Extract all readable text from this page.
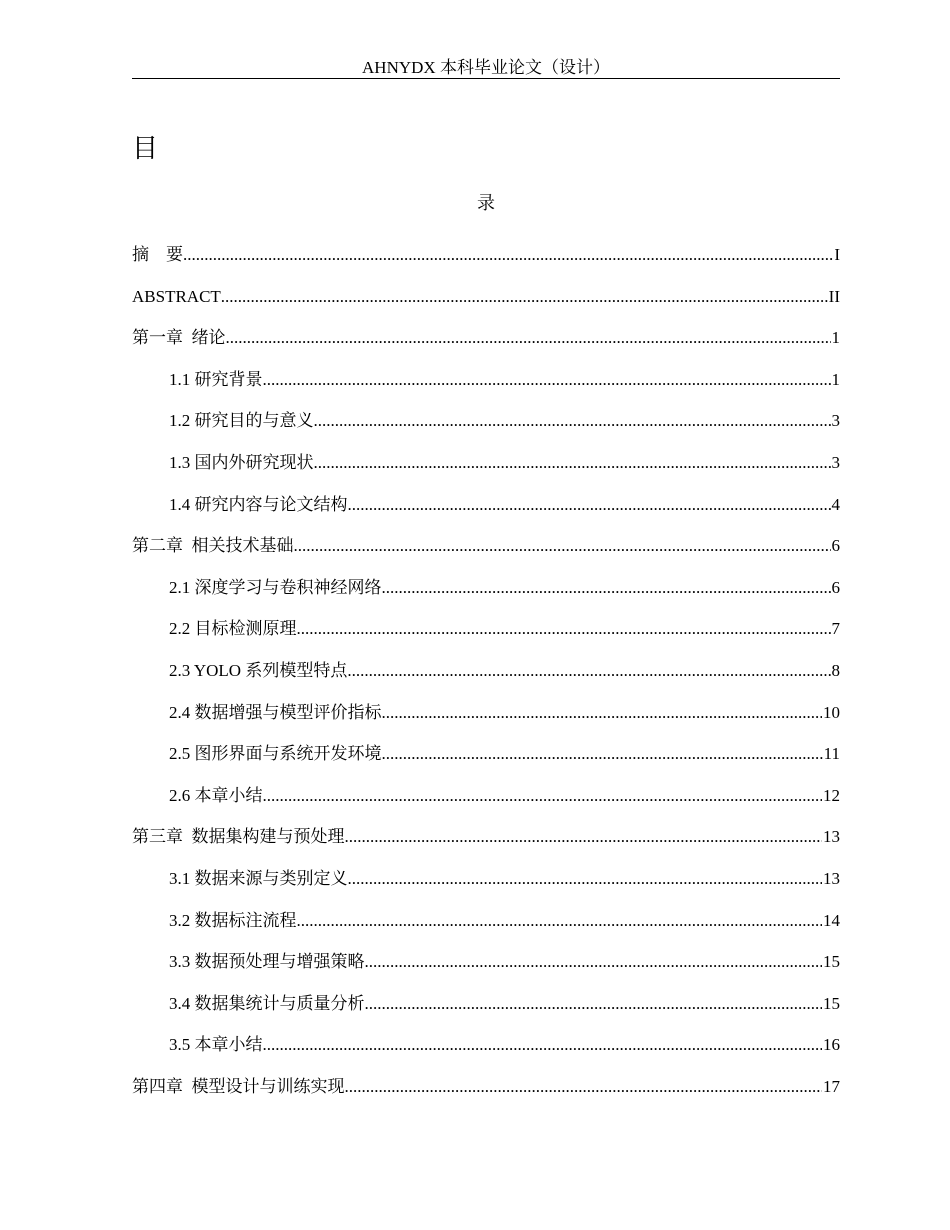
AHNYDX 本科毕业论文（设计）
目
录
摘　要 .....	I
ABSTRACT .....	II
第一章  绪论 .....	1
1.1 研究背景 .....	1
1.2 研究目的与意义 .....	3
1.3 国内外研究现状 .....	3
1.4 研究内容与论文结构 .....	4
第二章  相关技术基础 .....	6
2.1 深度学习与卷积神经网络 .....	6
2.2 目标检测原理 .....	7
2.3 YOLO 系列模型特点 .....	8
2.4 数据增强与模型评价指标 .....	10
2.5 图形界面与系统开发环境 .....	11
2.6 本章小结 .....	12
第三章  数据集构建与预处理 .....	13
3.1 数据来源与类别定义 .....	13
3.2 数据标注流程 .....	14
3.3 数据预处理与增强策略 .....	15
3.4 数据集统计与质量分析 .....	15
3.5 本章小结 .....	16
第四章  模型设计与训练实现 .....	17
